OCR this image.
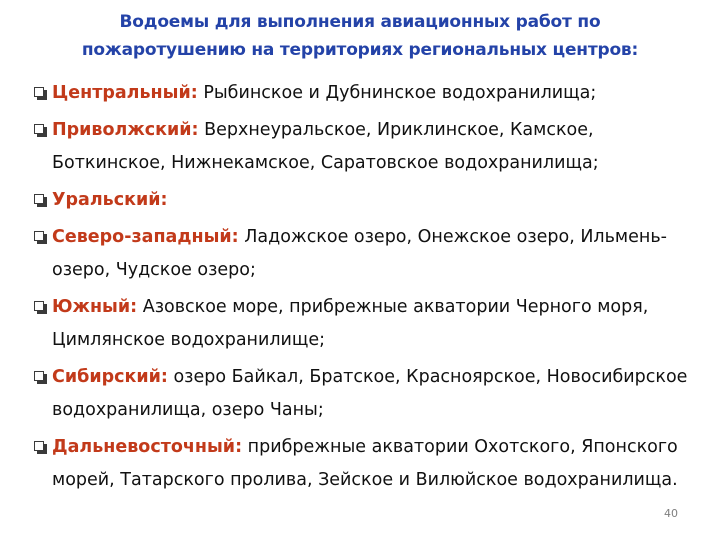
Водоемы для выполнения авиационных работ по
пожаротушению на территориях региональных центров:
Центральный: Рыбинское и Дубнинское водохранилища;
Приволжский: Верхнеуральское, Ириклинское, Камское, Боткинское, Нижнекамское, Саратовское водохранилища;
Уральский:
Северо-западный: Ладожское озеро, Онежское озеро, Ильмень-озеро, Чудское озеро;
Южный: Азовское море, прибрежные акватории Черного моря, Цимлянское водохранилище;
Сибирский: озеро Байкал, Братское, Красноярское, Новосибирское водохранилища, озеро Чаны;
Дальневосточный: прибрежные акватории Охотского, Японского морей, Татарского пролива, Зейское и Вилюйское водохранилища.
40
